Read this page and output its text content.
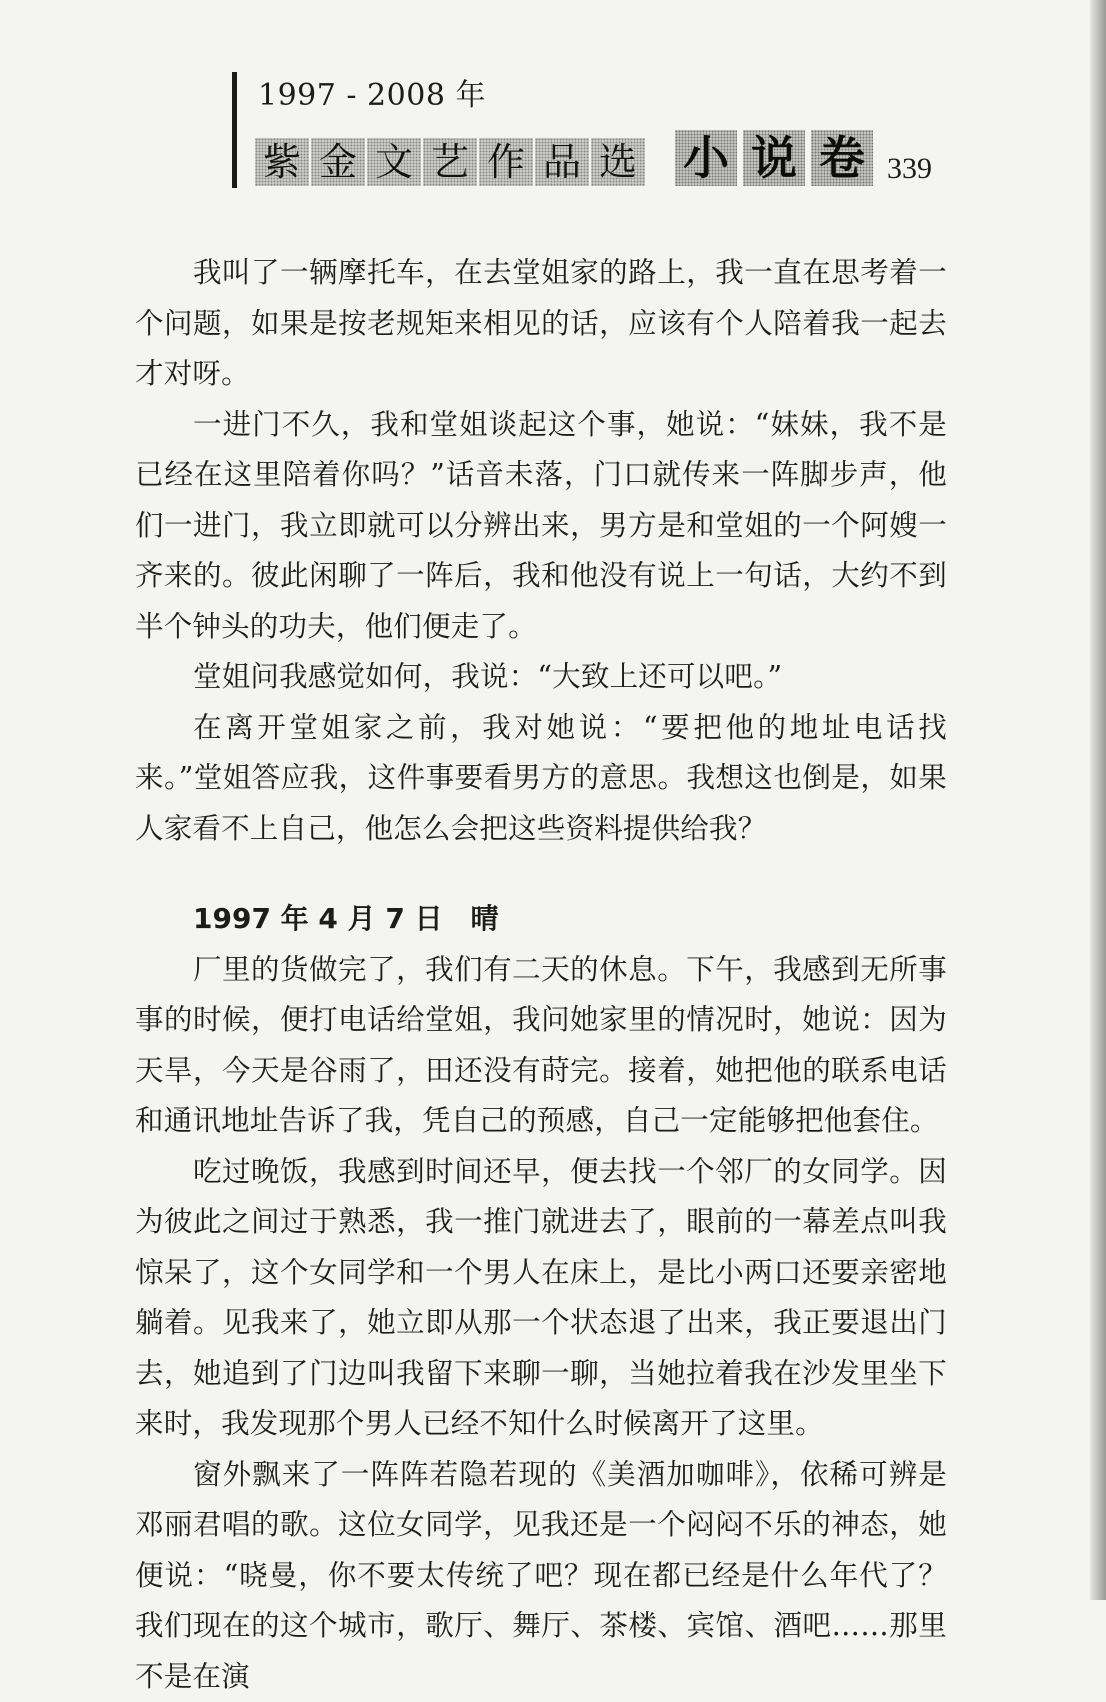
1997 - 2008 年
紫 金 文 艺 作 品 选 小 说 卷 339

我叫了一辆摩托车，在去堂姐家的路上，我一直在思考着一个问题，如果是按老规矩来相见的话，应该有个人陪着我一起去才对呀。

一进门不久，我和堂姐谈起这个事，她说：“妹妹，我不是已经在这里陪着你吗？”话音未落，门口就传来一阵脚步声，他们一进门，我立即就可以分辨出来，男方是和堂姐的一个阿嫂一齐来的。彼此闲聊了一阵后，我和他没有说上一句话，大约不到半个钟头的功夫，他们便走了。

堂姐问我感觉如何，我说：“大致上还可以吧。”

在离开堂姐家之前，我对她说：“要把他的地址电话找来。”堂姐答应我，这件事要看男方的意思。我想这也倒是，如果人家看不上自己，他怎么会把这些资料提供给我？

1997 年 4 月 7 日　晴

厂里的货做完了，我们有二天的休息。下午，我感到无所事事的时候，便打电话给堂姐，我问她家里的情况时，她说：因为天旱，今天是谷雨了，田还没有莳完。接着，她把他的联系电话和通讯地址告诉了我，凭自己的预感，自己一定能够把他套住。

吃过晚饭，我感到时间还早，便去找一个邻厂的女同学。因为彼此之间过于熟悉，我一推门就进去了，眼前的一幕差点叫我惊呆了，这个女同学和一个男人在床上，是比小两口还要亲密地躺着。见我来了，她立即从那一个状态退了出来，我正要退出门去，她追到了门边叫我留下来聊一聊，当她拉着我在沙发里坐下来时，我发现那个男人已经不知什么时候离开了这里。

窗外飘来了一阵阵若隐若现的《美酒加咖啡》，依稀可辨是邓丽君唱的歌。这位女同学，见我还是一个闷闷不乐的神态，她便说：“晓曼，你不要太传统了吧？现在都已经是什么年代了？我们现在的这个城市，歌厅、舞厅、茶楼、宾馆、酒吧……那里不是在演
